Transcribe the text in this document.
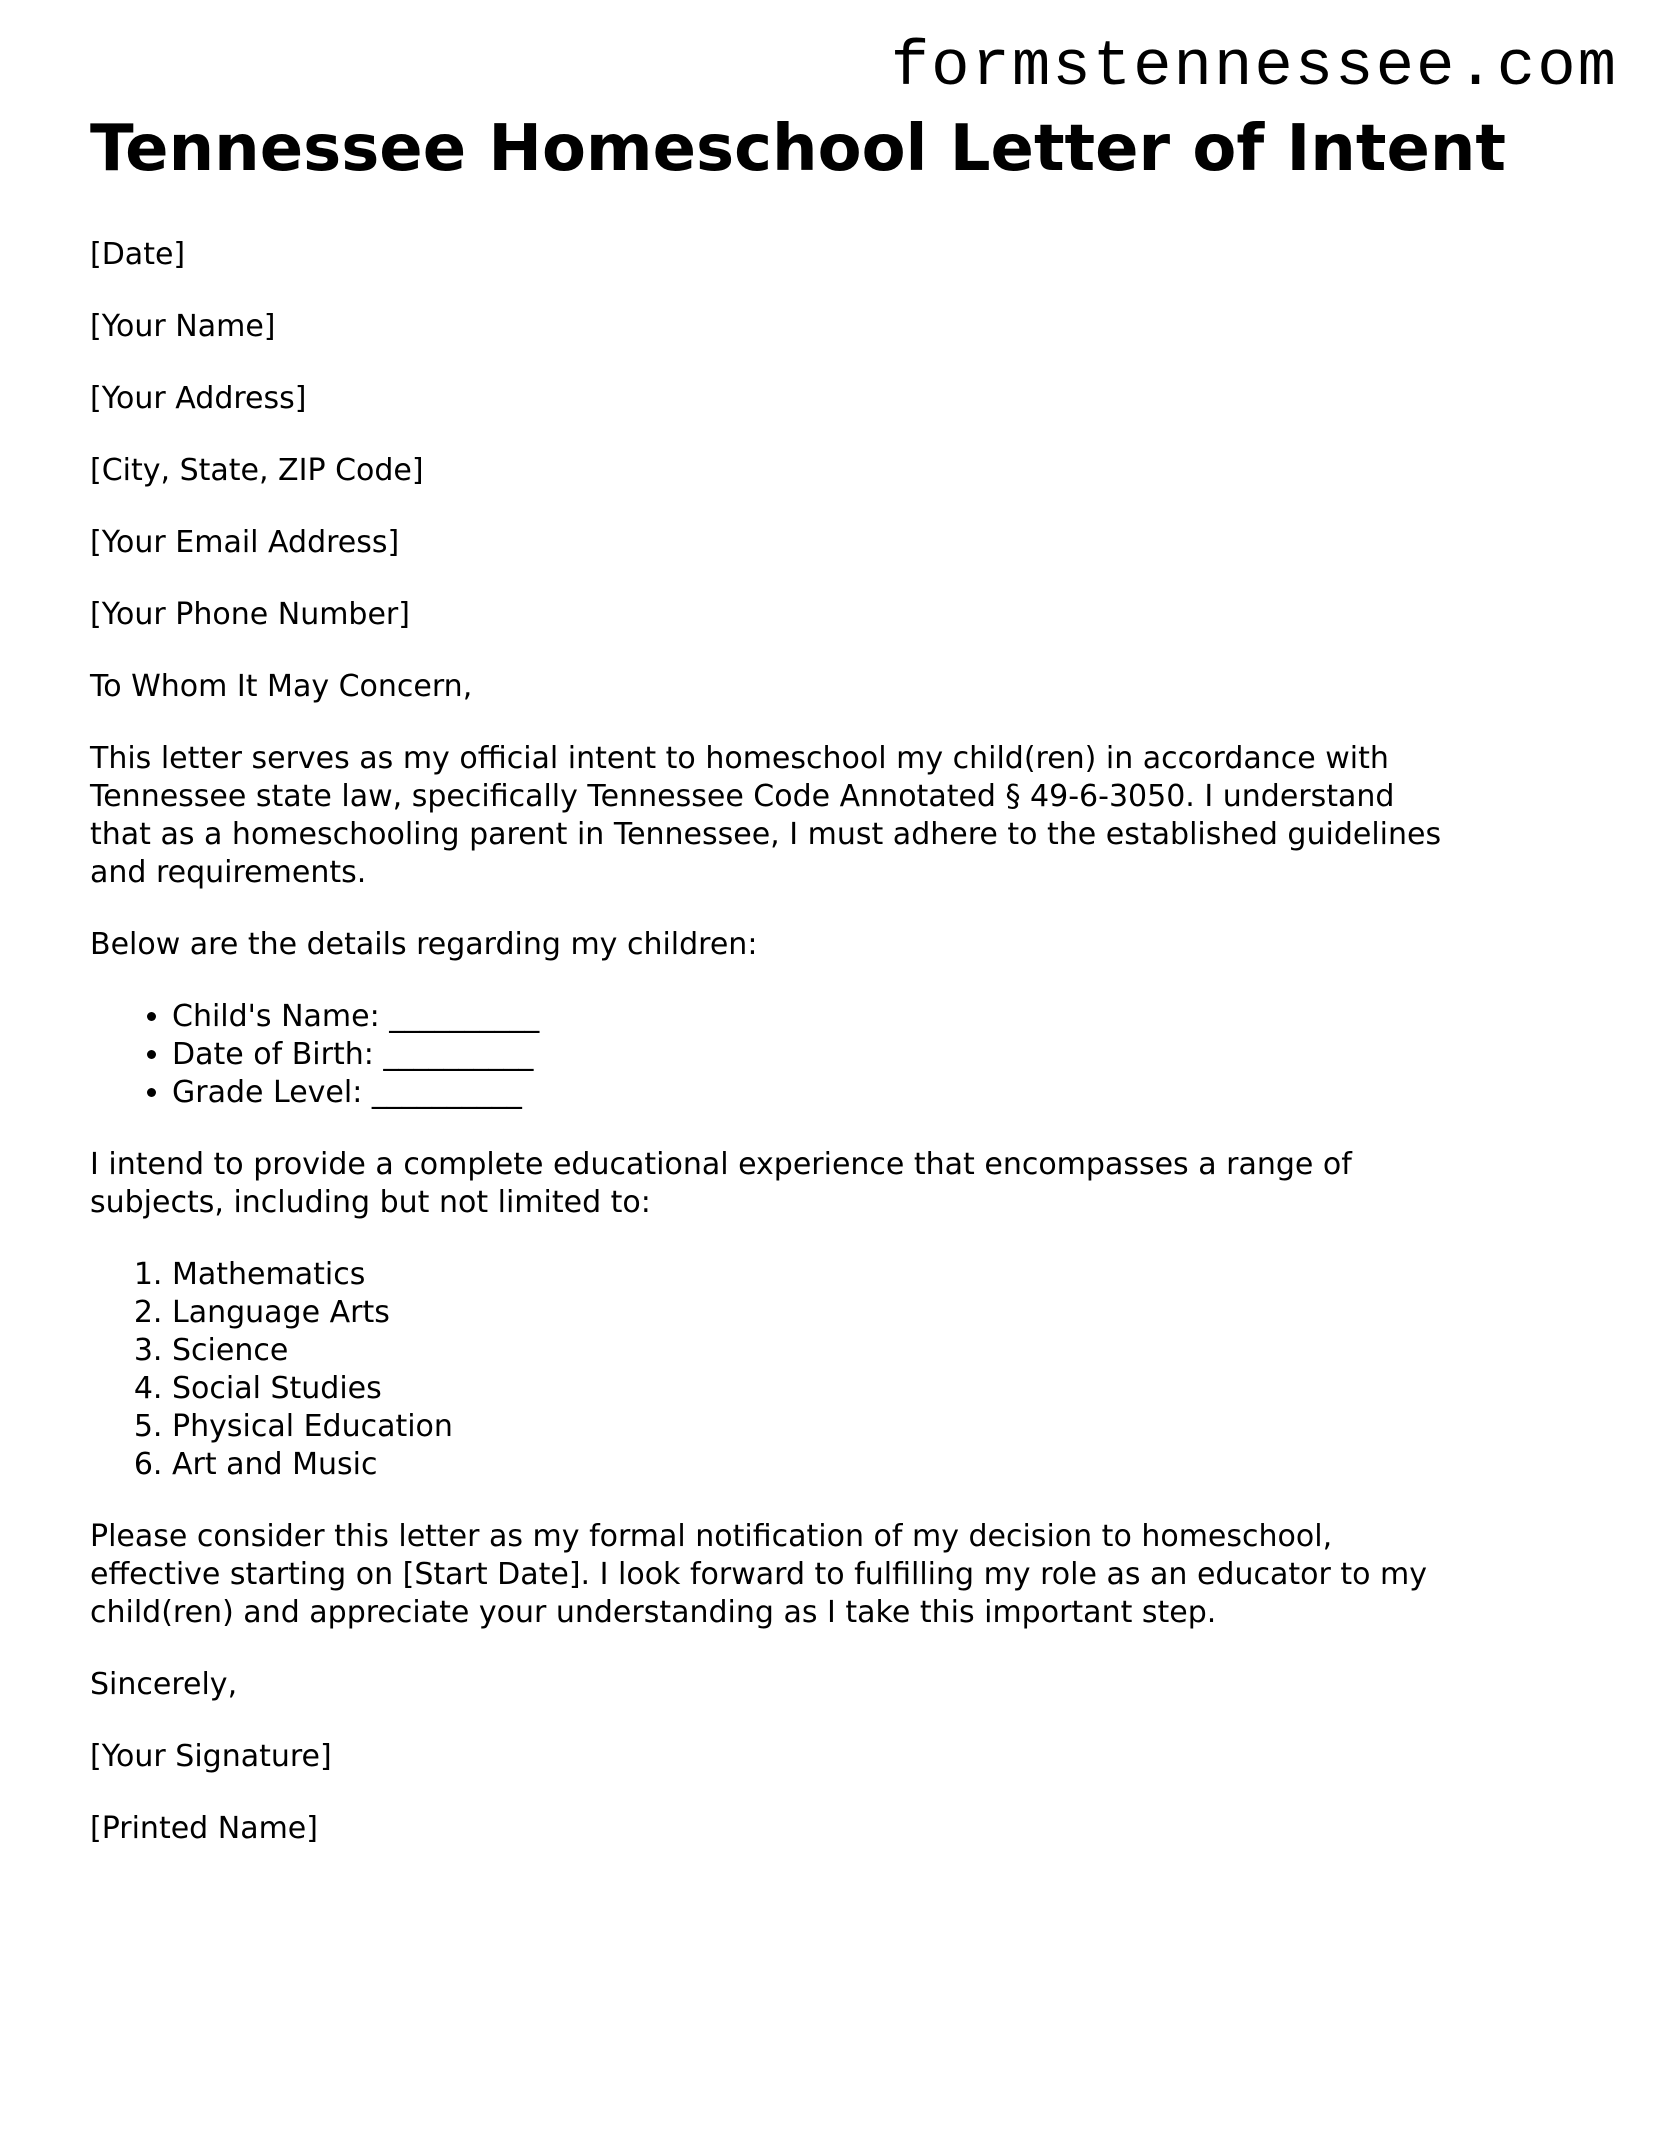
formstennessee.com
Tennessee Homeschool Letter of Intent

[Date]

[Your Name]

[Your Address]

[City, State, ZIP Code]

[Your Email Address]

[Your Phone Number]

To Whom It May Concern,

This letter serves as my official intent to homeschool my child(ren) in accordance with
Tennessee state law, specifically Tennessee Code Annotated § 49-6-3050. I understand
that as a homeschooling parent in Tennessee, I must adhere to the established guidelines
and requirements.

Below are the details regarding my children:

• Child's Name: __________
• Date of Birth: __________
• Grade Level: __________

I intend to provide a complete educational experience that encompasses a range of
subjects, including but not limited to:

1. Mathematics
2. Language Arts
3. Science
4. Social Studies
5. Physical Education
6. Art and Music

Please consider this letter as my formal notification of my decision to homeschool,
effective starting on [Start Date]. I look forward to fulfilling my role as an educator to my
child(ren) and appreciate your understanding as I take this important step.

Sincerely,

[Your Signature]

[Printed Name]
